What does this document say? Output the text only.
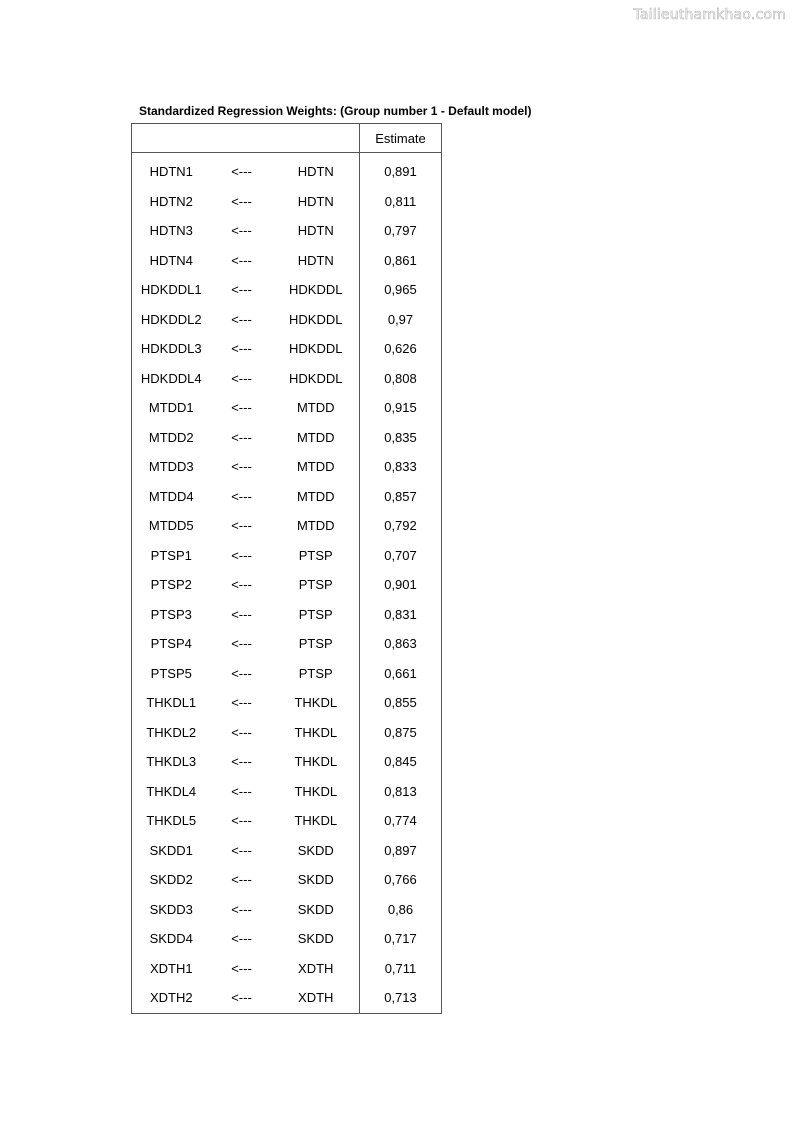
Tailieuthamkhao.com
Standardized Regression Weights: (Group number 1 - Default model)
			Estimate
HDTN1	<---	HDTN	0,891
HDTN2	<---	HDTN	0,811
HDTN3	<---	HDTN	0,797
HDTN4	<---	HDTN	0,861
HDKDDL1	<---	HDKDDL	0,965
HDKDDL2	<---	HDKDDL	0,97
HDKDDL3	<---	HDKDDL	0,626
HDKDDL4	<---	HDKDDL	0,808
MTDD1	<---	MTDD	0,915
MTDD2	<---	MTDD	0,835
MTDD3	<---	MTDD	0,833
MTDD4	<---	MTDD	0,857
MTDD5	<---	MTDD	0,792
PTSP1	<---	PTSP	0,707
PTSP2	<---	PTSP	0,901
PTSP3	<---	PTSP	0,831
PTSP4	<---	PTSP	0,863
PTSP5	<---	PTSP	0,661
THKDL1	<---	THKDL	0,855
THKDL2	<---	THKDL	0,875
THKDL3	<---	THKDL	0,845
THKDL4	<---	THKDL	0,813
THKDL5	<---	THKDL	0,774
SKDD1	<---	SKDD	0,897
SKDD2	<---	SKDD	0,766
SKDD3	<---	SKDD	0,86
SKDD4	<---	SKDD	0,717
XDTH1	<---	XDTH	0,711
XDTH2	<---	XDTH	0,713
